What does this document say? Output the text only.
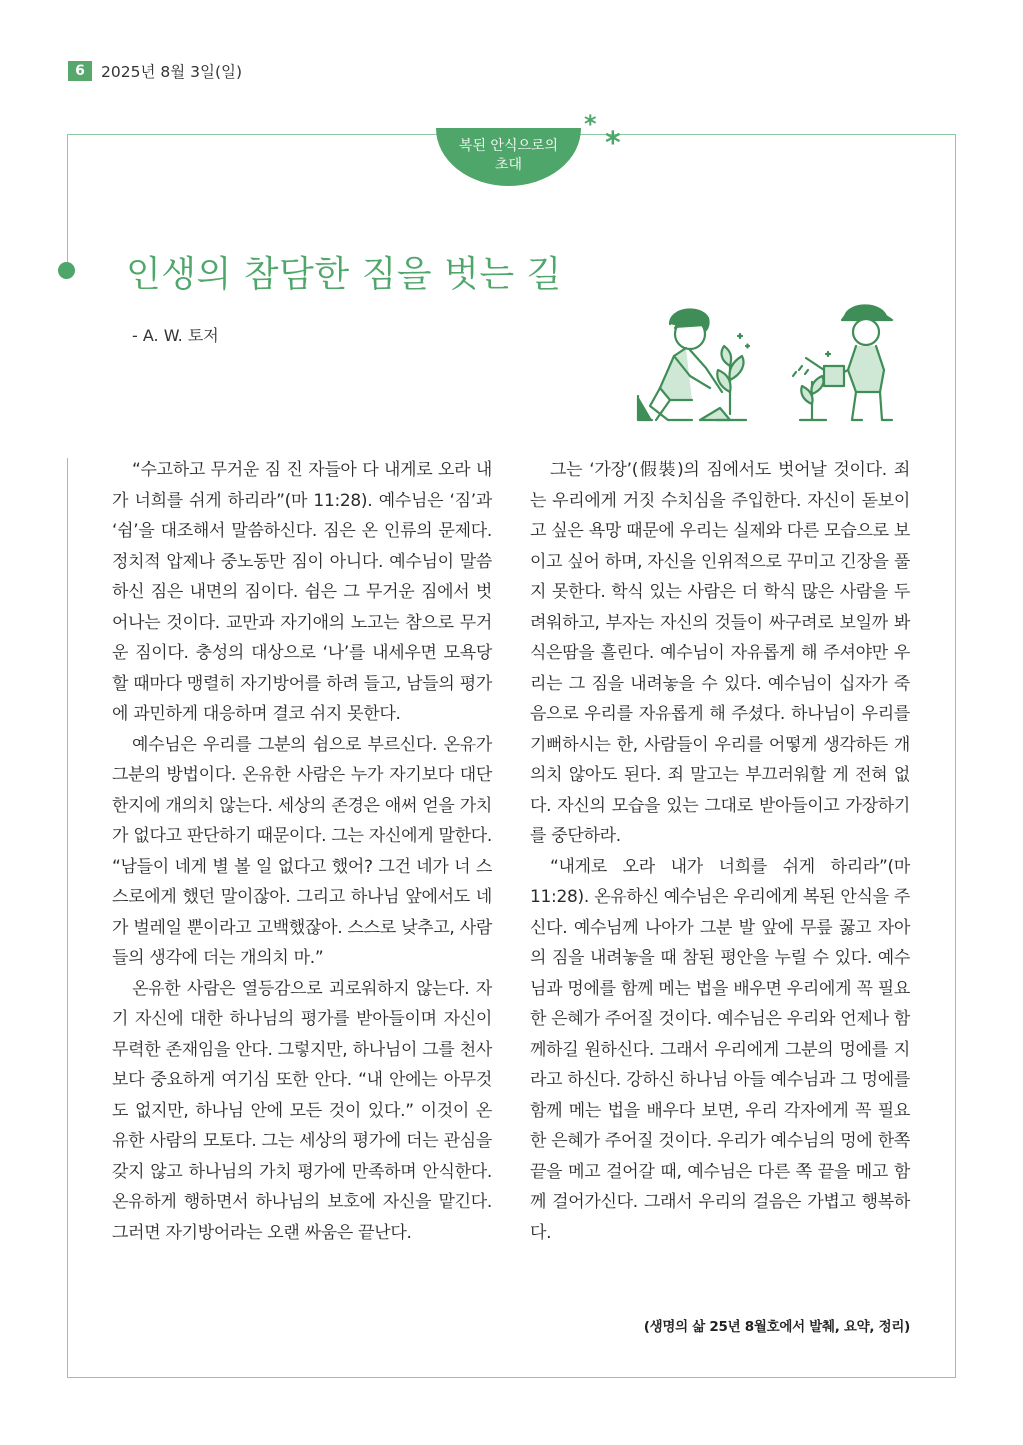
6	2025년 8월 3일(일)
복된 안식으로의
초대
*
*
인생의 참담한 짐을 벗는 길
- A. W. 토저

“수고하고 무거운 짐 진 자들아 다 내게로 오라 내가 너희를 쉬게 하리라”(마 11:28). 예수님은 ‘짐’과 ‘쉼’을 대조해서 말씀하신다. 짐은 온 인류의 문제다. 정치적 압제나 중노동만 짐이 아니다. 예수님이 말씀하신 짐은 내면의 짐이다. 쉼은 그 무거운 짐에서 벗어나는 것이다. 교만과 자기애의 노고는 참으로 무거운 짐이다. 충성의 대상으로 ‘나’를 내세우면 모욕당할 때마다 맹렬히 자기방어를 하려 들고, 남들의 평가에 과민하게 대응하며 결코 쉬지 못한다.

예수님은 우리를 그분의 쉼으로 부르신다. 온유가 그분의 방법이다. 온유한 사람은 누가 자기보다 대단한지에 개의치 않는다. 세상의 존경은 애써 얻을 가치가 없다고 판단하기 때문이다. 그는 자신에게 말한다. “남들이 네게 별 볼 일 없다고 했어? 그건 네가 너 스스로에게 했던 말이잖아. 그리고 하나님 앞에서도 네가 벌레일 뿐이라고 고백했잖아. 스스로 낮추고, 사람들의 생각에 더는 개의치 마.”

온유한 사람은 열등감으로 괴로워하지 않는다. 자기 자신에 대한 하나님의 평가를 받아들이며 자신이 무력한 존재임을 안다. 그렇지만, 하나님이 그를 천사보다 중요하게 여기심 또한 안다. “내 안에는 아무것도 없지만, 하나님 안에 모든 것이 있다.” 이것이 온유한 사람의 모토다. 그는 세상의 평가에 더는 관심을 갖지 않고 하나님의 가치 평가에 만족하며 안식한다. 온유하게 행하면서 하나님의 보호에 자신을 맡긴다. 그러면 자기방어라는 오랜 싸움은 끝난다.

그는 ‘가장’(假裝)의 짐에서도 벗어날 것이다. 죄는 우리에게 거짓 수치심을 주입한다. 자신이 돋보이고 싶은 욕망 때문에 우리는 실제와 다른 모습으로 보이고 싶어 하며, 자신을 인위적으로 꾸미고 긴장을 풀지 못한다. 학식 있는 사람은 더 학식 많은 사람을 두려워하고, 부자는 자신의 것들이 싸구려로 보일까 봐 식은땀을 흘린다. 예수님이 자유롭게 해 주셔야만 우리는 그 짐을 내려놓을 수 있다. 예수님이 십자가 죽음으로 우리를 자유롭게 해 주셨다. 하나님이 우리를 기뻐하시는 한, 사람들이 우리를 어떻게 생각하든 개의치 않아도 된다. 죄 말고는 부끄러워할 게 전혀 없다. 자신의 모습을 있는 그대로 받아들이고 가장하기를 중단하라.

“내게로 오라 내가 너희를 쉬게 하리라”(마 11:28). 온유하신 예수님은 우리에게 복된 안식을 주신다. 예수님께 나아가 그분 발 앞에 무릎 꿇고 자아의 짐을 내려놓을 때 참된 평안을 누릴 수 있다. 예수님과 멍에를 함께 메는 법을 배우면 우리에게 꼭 필요한 은혜가 주어질 것이다. 예수님은 우리와 언제나 함께하길 원하신다. 그래서 우리에게 그분의 멍에를 지라고 하신다. 강하신 하나님 아들 예수님과 그 멍에를 함께 메는 법을 배우다 보면, 우리 각자에게 꼭 필요한 은혜가 주어질 것이다. 우리가 예수님의 멍에 한쪽 끝을 메고 걸어갈 때, 예수님은 다른 쪽 끝을 메고 함께 걸어가신다. 그래서 우리의 걸음은 가볍고 행복하다.

(생명의 삶 25년 8월호에서 발췌, 요약, 정리)
